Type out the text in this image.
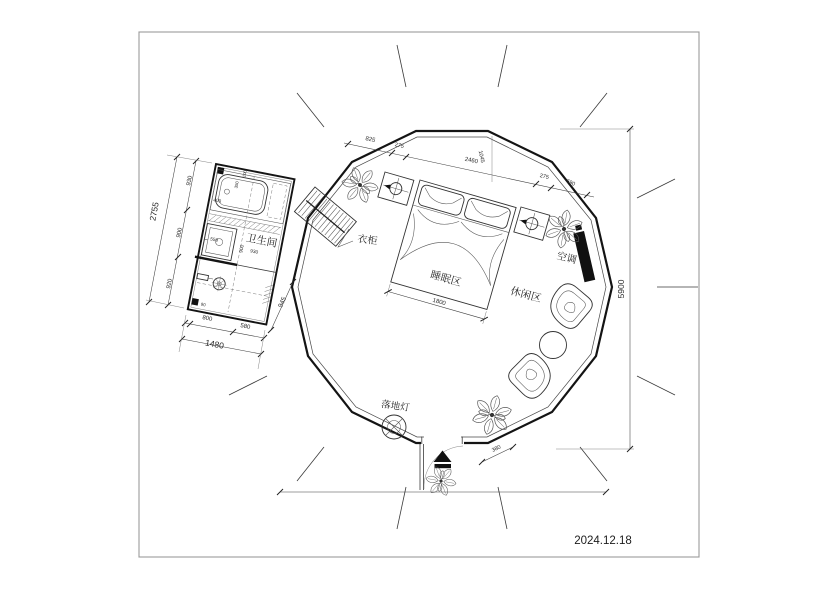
睡眠区
1800
825
275
2460
275
690
1045
5900
380
930
900
920
2755
800
580
1480
945
400
550
930
900
350
100
90
卫生间	衣柜
休闲区
空调
落地灯
2024.12.18
